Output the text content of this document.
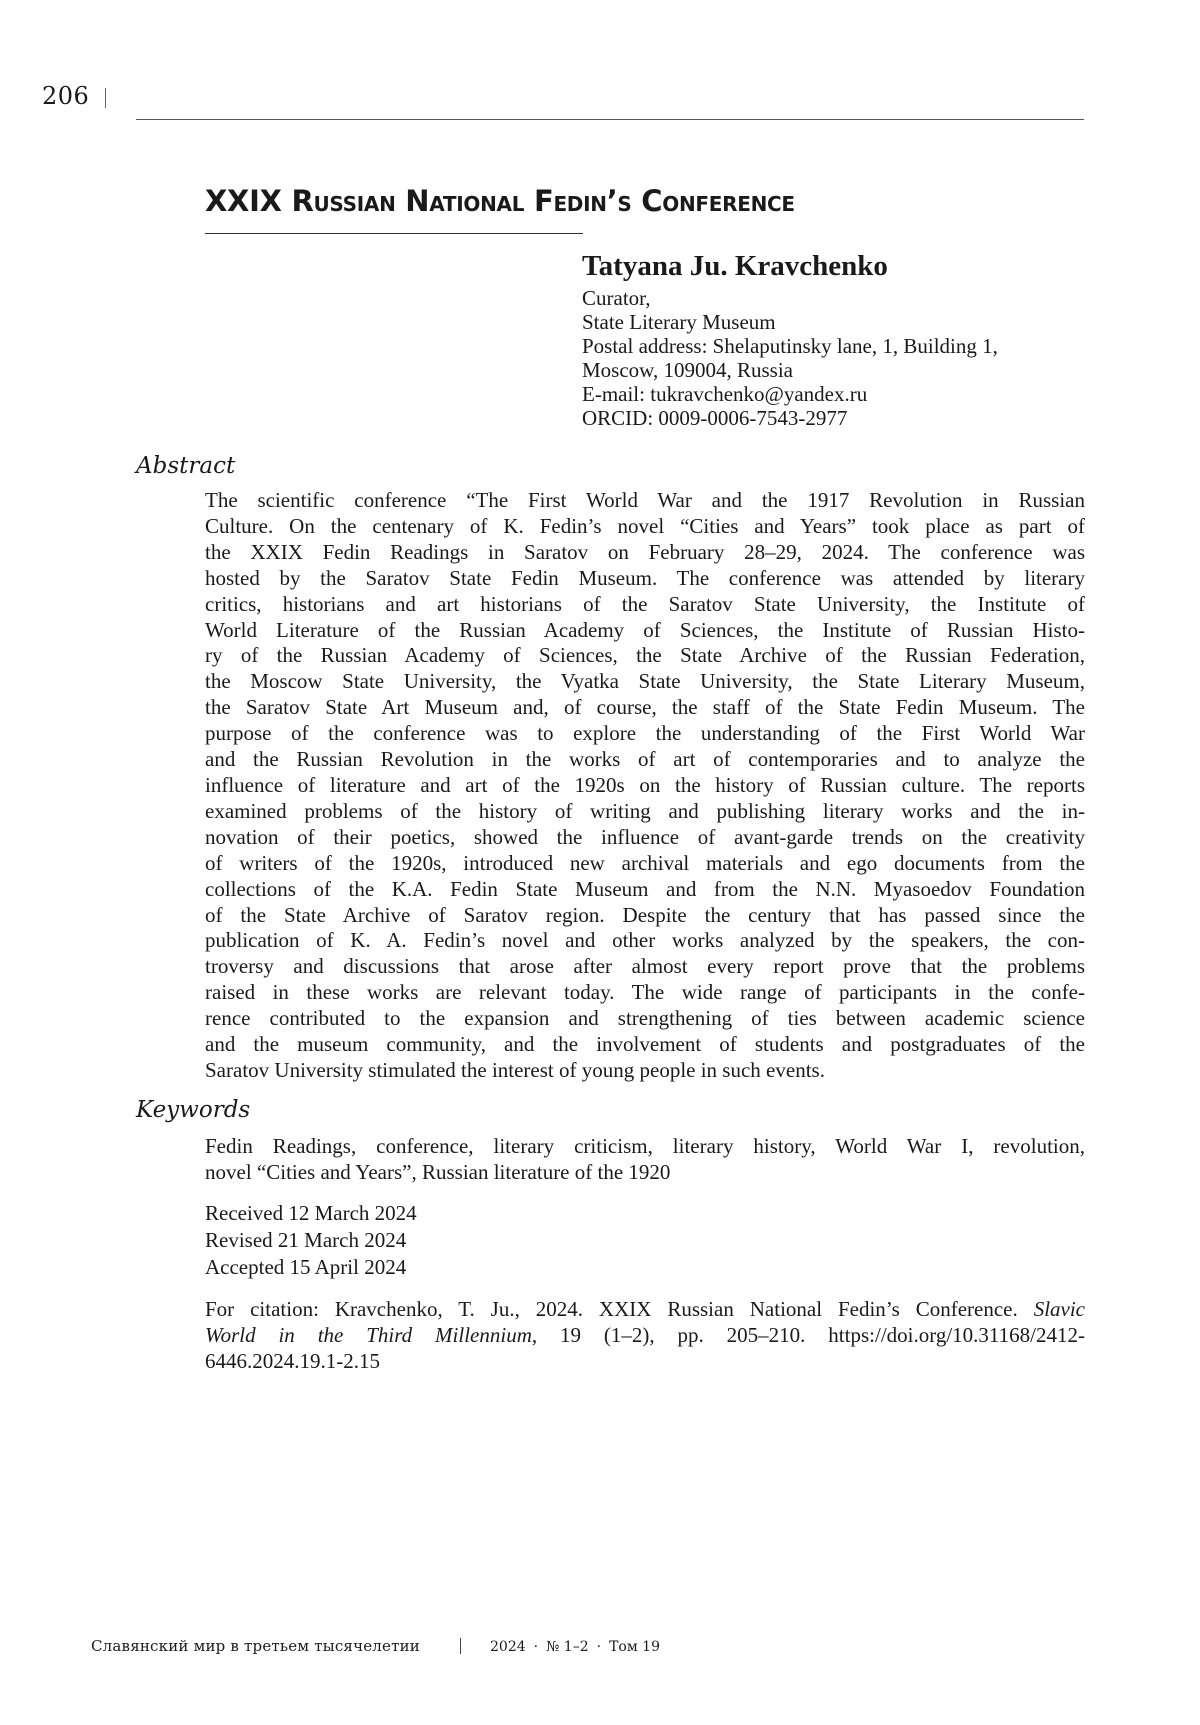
206
XXIX Russian National Fedin’s Conference
Tatyana Ju. Kravchenko
Curator,
State Literary Museum
Postal address: Shelaputinsky lane, 1, Building 1,
Moscow, 109004, Russia
E-mail: tukravchenko@yandex.ru
ORCID: 0009-0006-7543-2977
Abstract
The scientific conference “The First World War and the 1917 Revolution in Russian
Culture. On the centenary of K. Fedin’s novel “Cities and Years” took place as part of
the XXIX Fedin Readings in Saratov on February 28–29, 2024. The conference was
hosted by the Saratov State Fedin Museum. The conference was attended by literary
critics, historians and art historians of the Saratov State University, the Institute of
World Literature of the Russian Academy of Sciences, the Institute of Russian Histo-
ry of the Russian Academy of Sciences, the State Archive of the Russian Federation,
the Moscow State University, the Vyatka State University, the State Literary Museum,
the Saratov State Art Museum and, of course, the staff of the State Fedin Museum. The
purpose of the conference was to explore the understanding of the First World War
and the Russian Revolution in the works of art of contemporaries and to analyze the
influence of literature and art of the 1920s on the history of Russian culture. The reports
examined problems of the history of writing and publishing literary works and the in-
novation of their poetics, showed the influence of avant-garde trends on the creativity
of writers of the 1920s, introduced new archival materials and ego documents from the
collections of the K.A. Fedin State Museum and from the N.N. Myasoedov Foundation
of the State Archive of Saratov region. Despite the century that has passed since the
publication of K. A. Fedin’s novel and other works analyzed by the speakers, the con-
troversy and discussions that arose after almost every report prove that the problems
raised in these works are relevant today. The wide range of participants in the confe-
rence contributed to the expansion and strengthening of ties between academic science
and the museum community, and the involvement of students and postgraduates of the
Saratov University stimulated the interest of young people in such events.
Keywords
Fedin Readings, conference, literary criticism, literary history, World War I, revolution,
novel “Cities and Years”, Russian literature of the 1920
Received 12 March 2024
Revised 21 March 2024
Accepted 15 April 2024
For citation: Kravchenko, T. Ju., 2024. XXIX Russian National Fedin’s Conference. Slavic
World in the Third Millennium, 19 (1–2), pp. 205–210. https://doi.org/10.31168/2412-
6446.2024.19.1-2.15
Славянский мир в третьем тысячелетии	2024 · № 1–2 · Том 19
